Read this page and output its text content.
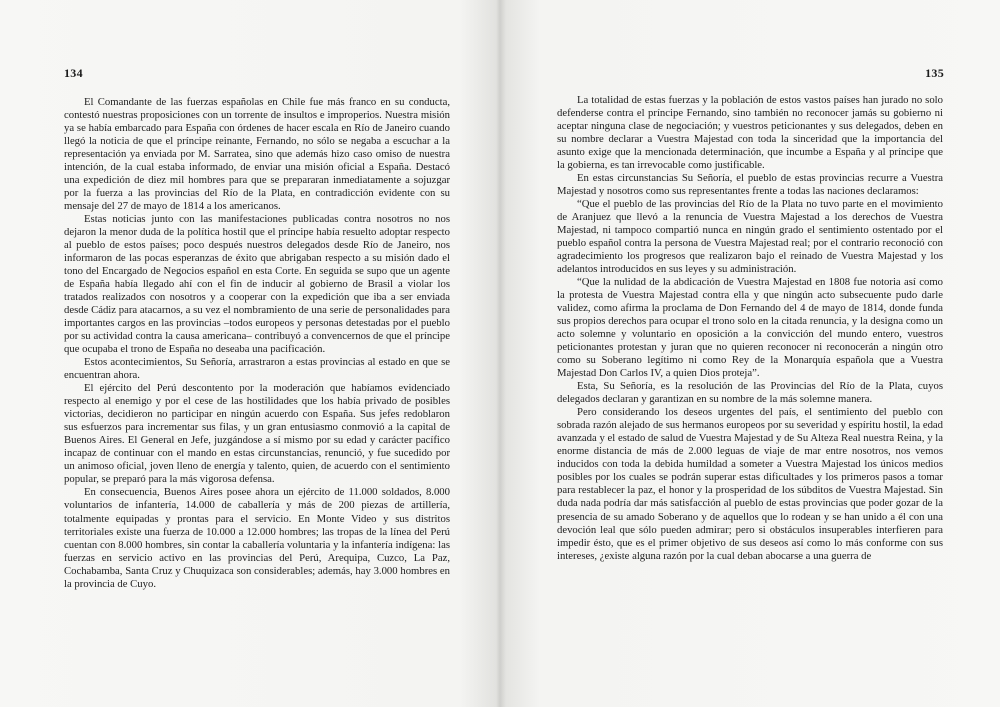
134

El Comandante de las fuerzas españolas en Chile fue más franco en su conducta, contestó nuestras proposiciones con un torrente de insultos e improperios. Nuestra misión ya se había embarcado para España con órdenes de hacer escala en Río de Janeiro cuando llegó la noticia de que el príncipe reinante, Fernando, no sólo se negaba a escuchar a la representación ya enviada por M. Sarratea, sino que además hizo caso omiso de nuestra intención, de la cual estaba informado, de enviar una misión oficial a España. Destacó una expedición de diez mil hombres para que se prepararan inmediatamente a sojuzgar por la fuerza a las provincias del Río de la Plata, en contradicción evidente con su mensaje del 27 de mayo de 1814 a los americanos.

Estas noticias junto con las manifestaciones publicadas contra nosotros no nos dejaron la menor duda de la política hostil que el príncipe había resuelto adoptar respecto al pueblo de estos países; poco después nuestros delegados desde Río de Janeiro, nos informaron de las pocas esperanzas de éxito que abrigaban respecto a su misión dado el tono del Encargado de Negocios español en esta Corte. En seguida se supo que un agente de España había llegado ahí con el fin de inducir al gobierno de Brasil a violar los tratados realizados con nosotros y a cooperar con la expedición que iba a ser enviada desde Cádiz para atacarnos, a su vez el nombramiento de una serie de personalidades para importantes cargos en las provincias –todos europeos y personas detestadas por el pueblo por su actividad contra la causa americana– contribuyó a convencernos de que el príncipe que ocupaba el trono de España no deseaba una pacificación.

Estos acontecimientos, Su Señoría, arrastraron a estas provincias al estado en que se encuentran ahora.

El ejército del Perú descontento por la moderación que habíamos evidenciado respecto al enemigo y por el cese de las hostilidades que los había privado de posibles victorias, decidieron no participar en ningún acuerdo con España. Sus jefes redoblaron sus esfuerzos para incrementar sus filas, y un gran entusiasmo conmovió a la capital de Buenos Aires. El General en Jefe, juzgándose a sí mismo por su edad y carácter pacífico incapaz de continuar con el mando en estas circunstancias, renunció, y fue sucedido por un animoso oficial, joven lleno de energía y talento, quien, de acuerdo con el sentimiento popular, se preparó para la más vigorosa defensa.

En consecuencia, Buenos Aires posee ahora un ejército de 11.000 soldados, 8.000 voluntarios de infantería, 14.000 de caballería y más de 200 piezas de artillería, totalmente equipadas y prontas para el servicio. En Monte Video y sus distritos territoriales existe una fuerza de 10.000 a 12.000 hombres; las tropas de la línea del Perú cuentan con 8.000 hombres, sin contar la caballería voluntaria y la infantería indígena: las fuerzas en servicio activo en las provincias del Perú, Arequipa, Cuzco, La Paz, Cochabamba, Santa Cruz y Chuquizaca son considerables; además, hay 3.000 hombres en la provincia de Cuyo.

135

La totalidad de estas fuerzas y la población de estos vastos países han jurado no solo defenderse contra el príncipe Fernando, sino también no reconocer jamás su gobierno ni aceptar ninguna clase de negociación; y vuestros peticionantes y sus delegados, deben en su nombre declarar a Vuestra Majestad con toda la sinceridad que la importancia del asunto exige que la mencionada determinación, que incumbe a España y al príncipe que la gobierna, es tan irrevocable como justificable.

En estas circunstancias Su Señoría, el pueblo de estas provincias recurre a Vuestra Majestad y nosotros como sus representantes frente a todas las naciones declaramos:

“Que el pueblo de las provincias del Río de la Plata no tuvo parte en el movimiento de Aranjuez que llevó a la renuncia de Vuestra Majestad a los derechos de Vuestra Majestad, ni tampoco compartió nunca en ningún grado el sentimiento ostentado por el pueblo español contra la persona de Vuestra Majestad real; por el contrario reconoció con agradecimiento los progresos que realizaron bajo el reinado de Vuestra Majestad y los adelantos introducidos en sus leyes y su administración.

“Que la nulidad de la abdicación de Vuestra Majestad en 1808 fue notoria así como la protesta de Vuestra Majestad contra ella y que ningún acto subsecuente pudo darle validez, como afirma la proclama de Don Fernando del 4 de mayo de 1814, donde funda sus propios derechos para ocupar el trono solo en la citada renuncia, y la designa como un acto solemne y voluntario en oposición a la convicción del mundo entero, vuestros peticionantes protestan y juran que no quieren reconocer ni reconocerán a ningún otro como su Soberano legítimo ni como Rey de la Monarquía española que a Vuestra Majestad Don Carlos IV, a quien Dios proteja”.

Esta, Su Señoría, es la resolución de las Provincias del Río de la Plata, cuyos delegados declaran y garantizan en su nombre de la más solemne manera.

Pero considerando los deseos urgentes del país, el sentimiento del pueblo con sobrada razón alejado de sus hermanos europeos por su severidad y espíritu hostil, la edad avanzada y el estado de salud de Vuestra Majestad y de Su Alteza Real nuestra Reina, y la enorme distancia de más de 2.000 leguas de viaje de mar entre nosotros, nos vemos inducidos con toda la debida humildad a someter a Vuestra Majestad los únicos medios posibles por los cuales se podrán superar estas dificultades y los primeros pasos a tomar para restablecer la paz, el honor y la prosperidad de los súbditos de Vuestra Majestad. Sin duda nada podría dar más satisfacción al pueblo de estas provincias que poder gozar de la presencia de su amado Soberano y de aquellos que lo rodean y se han unido a él con una devoción leal que sólo pueden admirar; pero si obstáculos insuperables interfieren para impedir ésto, que es el primer objetivo de sus deseos así como lo más conforme con sus intereses, ¿existe alguna razón por la cual deban abocarse a una guerra de
